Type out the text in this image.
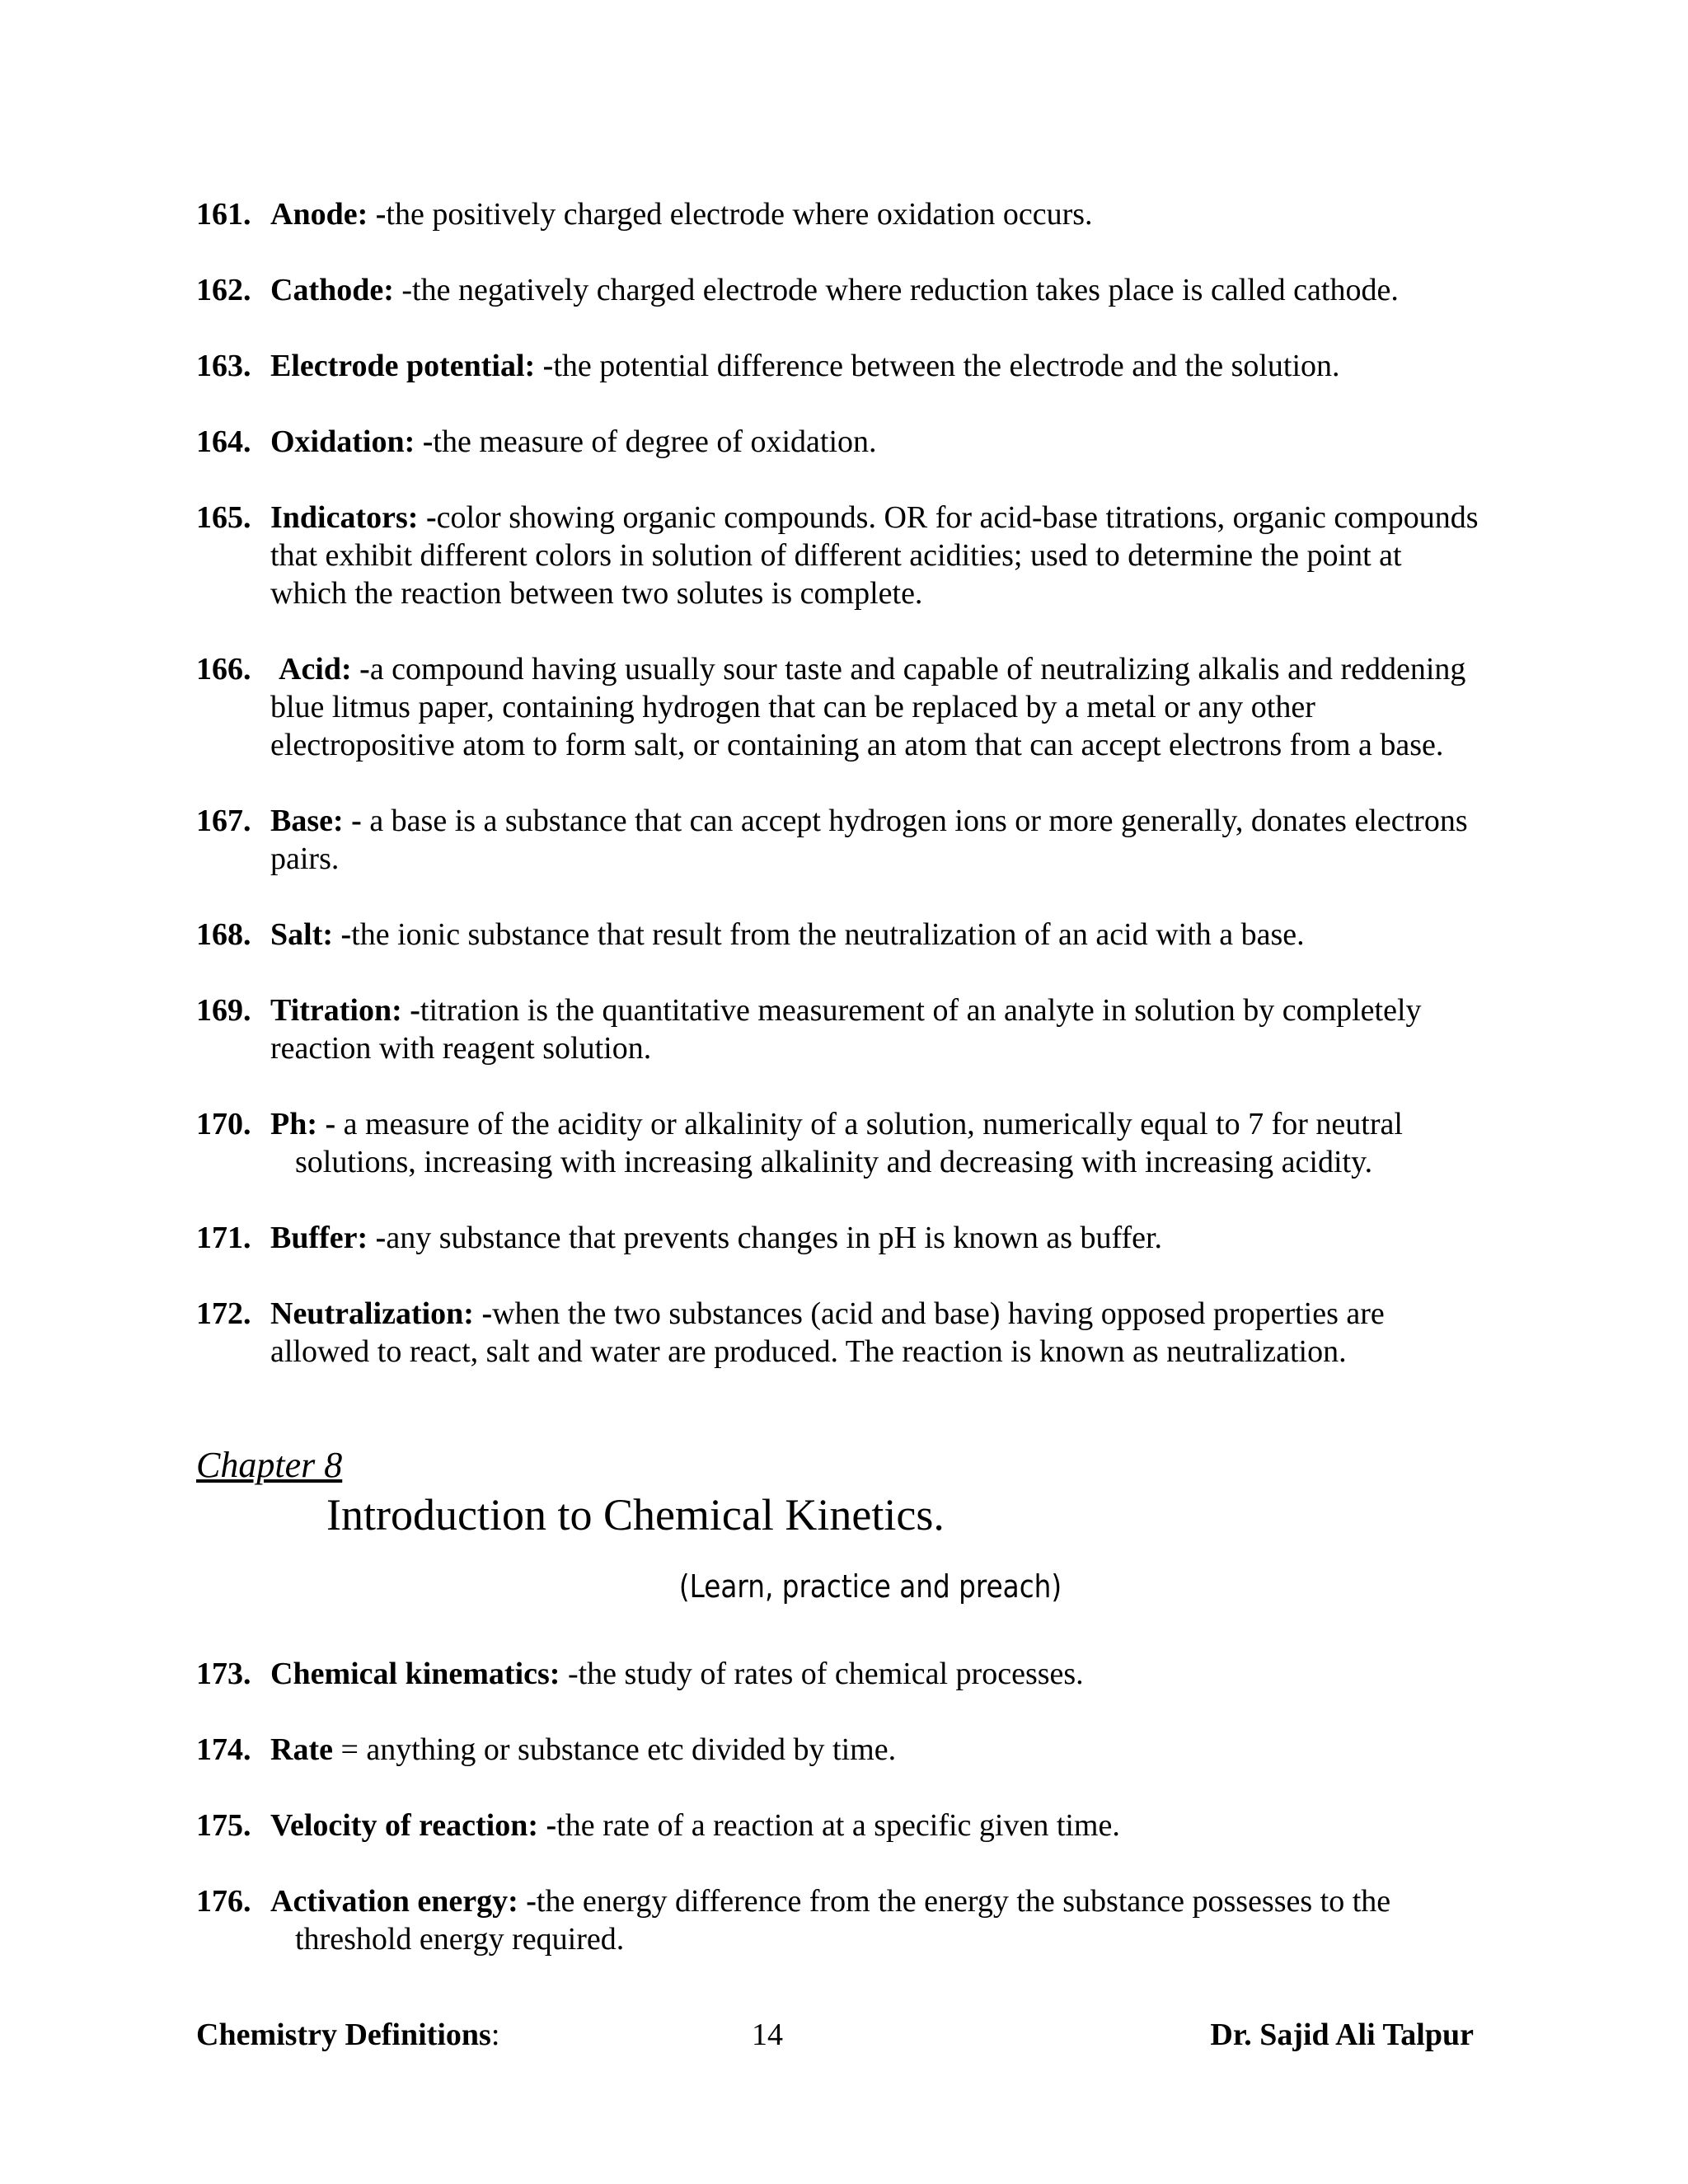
161. Anode: -the positively charged electrode where oxidation occurs.
162. Cathode: -the negatively charged electrode where reduction takes place is called cathode.
163. Electrode potential: -the potential difference between the electrode and the solution.
164. Oxidation: -the measure of degree of oxidation.
165. Indicators: -color showing organic compounds. OR for acid-base titrations, organic compounds that exhibit different colors in solution of different acidities; used to determine the point at which the reaction between two solutes is complete.
166. Acid: -a compound having usually sour taste and capable of neutralizing alkalis and reddening blue litmus paper, containing hydrogen that can be replaced by a metal or any other electropositive atom to form salt, or containing an atom that can accept electrons from a base.
167. Base: - a base is a substance that can accept hydrogen ions or more generally, donates electrons pairs.
168. Salt: -the ionic substance that result from the neutralization of an acid with a base.
169. Titration: -titration is the quantitative measurement of an analyte in solution by completely reaction with reagent solution.
170. Ph: - a measure of the acidity or alkalinity of a solution, numerically equal to 7 for neutral
solutions, increasing with increasing alkalinity and decreasing with increasing acidity.
171. Buffer: -any substance that prevents changes in pH is known as buffer.
172. Neutralization: -when the two substances (acid and base) having opposed properties are allowed to react, salt and water are produced. The reaction is known as neutralization.
Chapter 8
Introduction to Chemical Kinetics.
(Learn, practice and preach)
173. Chemical kinematics: -the study of rates of chemical processes.
174. Rate = anything or substance etc divided by time.
175. Velocity of reaction: -the rate of a reaction at a specific given time.
176. Activation energy: -the energy difference from the energy the substance possesses to the
threshold energy required.
Chemistry Definitions:	14	Dr. Sajid Ali Talpur
